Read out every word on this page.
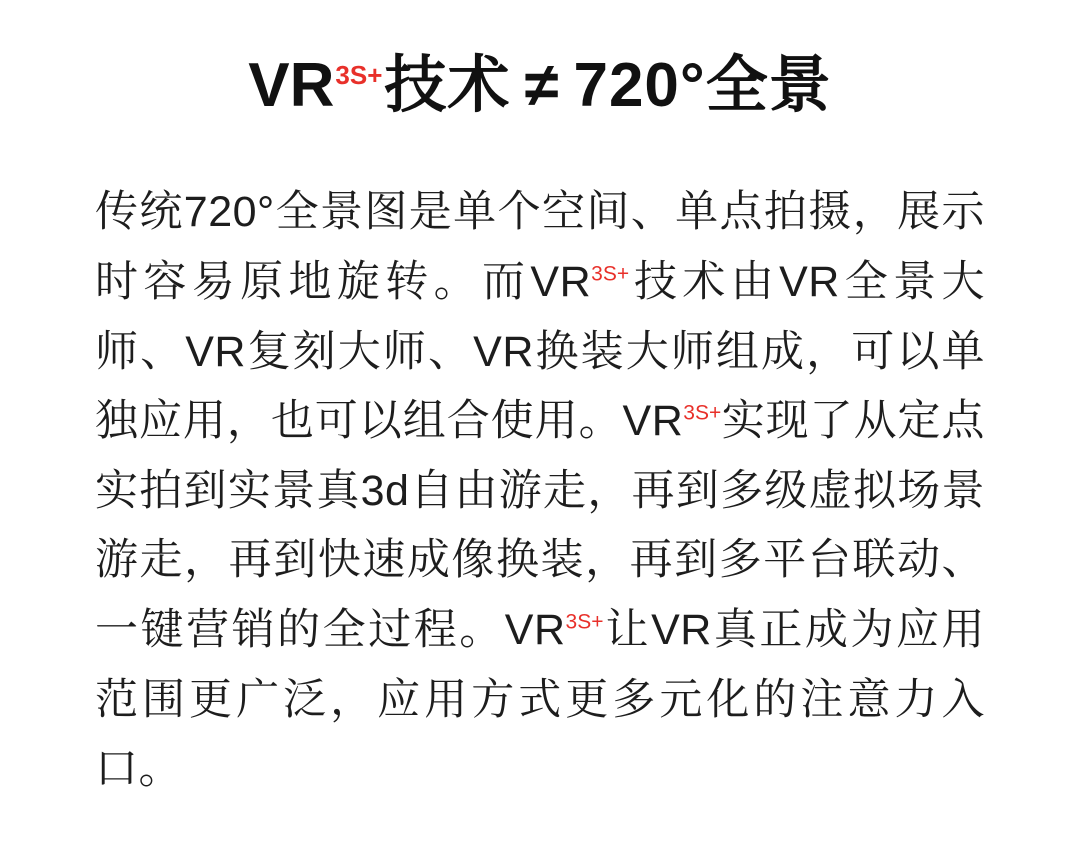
$VR^{3S+}$技术 ≠ 720°全景

传统720°全景图是单个空间、单点拍摄，展示时容易原地旋转。而$VR^{3S+}$技术由VR全景大师、VR复刻大师、VR换装大师组成，可以单独应用，也可以组合使用。$VR^{3S+}$实现了从定点实拍到实景真3d自由游走，再到多级虚拟场景游走，再到快速成像换装，再到多平台联动、一键营销的全过程。$VR^{3S+}$让VR真正成为应用范围更广泛，应用方式更多元化的注意力入口。
